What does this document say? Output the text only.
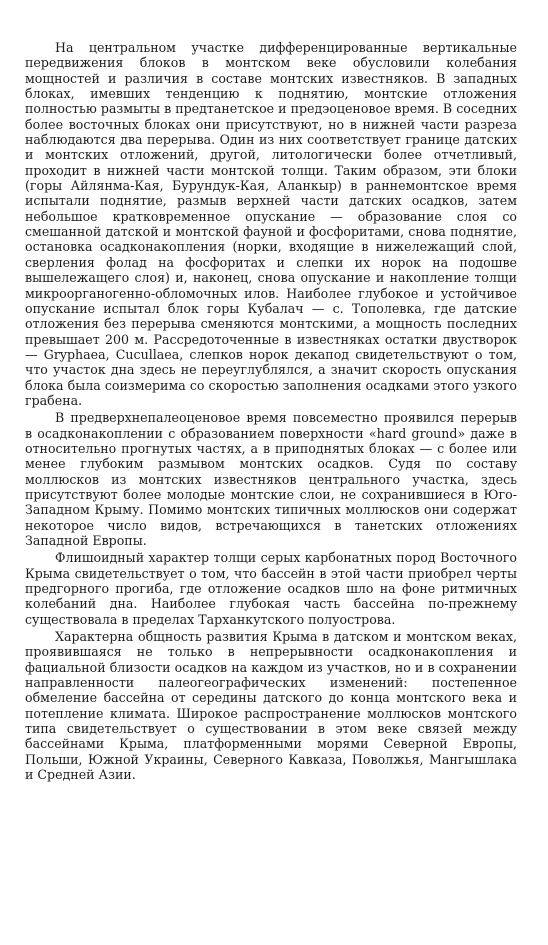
На центральном участке дифференцированные вертикальные передвижения блоков в монтском веке обусловили колебания мощностей и различия в составе монтских известняков. В западных блоках, имевших тенденцию к поднятию, монтские отложения полностью размыты в предтанетское и предэоценовое время. В соседних более восточных блоках они присутствуют, но в нижней части разреза наблюдаются два перерыва. Один из них соответствует границе датских и монтских отложений, другой, литологически более отчетливый, проходит в нижней части монтской толщи. Таким образом, эти блоки (горы Айлянма-Кая, Бурундук-Кая, Аланкыр) в раннемонтское время испытали поднятие, размыв верхней части датских осадков, затем небольшое кратковременное опускание — образование слоя со смешанной датской и монтской фауной и фосфоритами, снова поднятие, остановка осадконакопления (норки, входящие в нижележащий слой, сверления фолад на фосфоритах и слепки их норок на подошве вышележащего слоя) и, наконец, снова опускание и накопление толщи микроорганогенно-обломочных илов. Наиболее глубокое и устойчивое опускание испытал блок горы Кубалач — с. Тополевка, где датские отложения без перерыва сменяются монтскими, а мощность последних превышает 200 м. Рассредоточенные в известняках остатки двустворок — Gryphaea, Cucullaea, слепков норок декапод свидетельствуют о том, что участок дна здесь не переуглублялся, а значит скорость опускания блока была соизмерима со скоростью заполнения осадками этого узкого грабена.

В предверхнепалеоценовое время повсеместно проявился перерыв в осадконакоплении с образованием поверхности «hard ground» даже в относительно прогнутых частях, а в приподнятых блоках — с более или менее глубоким размывом монтских осадков. Судя по составу моллюсков из монтских известняков центрального участка, здесь присутствуют более молодые монтские слои, не сохранившиеся в Юго-Западном Крыму. Помимо монтских типичных моллюсков они содержат некоторое число видов, встречающихся в танетских отложениях Западной Европы.

Флишоидный характер толщи серых карбонатных пород Восточного Крыма свидетельствует о том, что бассейн в этой части приобрел черты предгорного прогиба, где отложение осадков шло на фоне ритмичных колебаний дна. Наиболее глубокая часть бассейна по-прежнему существовала в пределах Тарханкутского полуострова.

Характерна общность развития Крыма в датском и монтском веках, проявившаяся не только в непрерывности осадконакопления и фациальной близости осадков на каждом из участков, но и в сохранении направленности палеогеографических изменений: постепенное обмеление бассейна от середины датского до конца монтского века и потепление климата. Широкое распространение моллюсков монтского типа свидетельствует о существовании в этом веке связей между бассейнами Крыма, платформенными морями Северной Европы, Польши, Южной Украины, Северного Кавказа, Поволжья, Мангышлака и Средней Азии.
